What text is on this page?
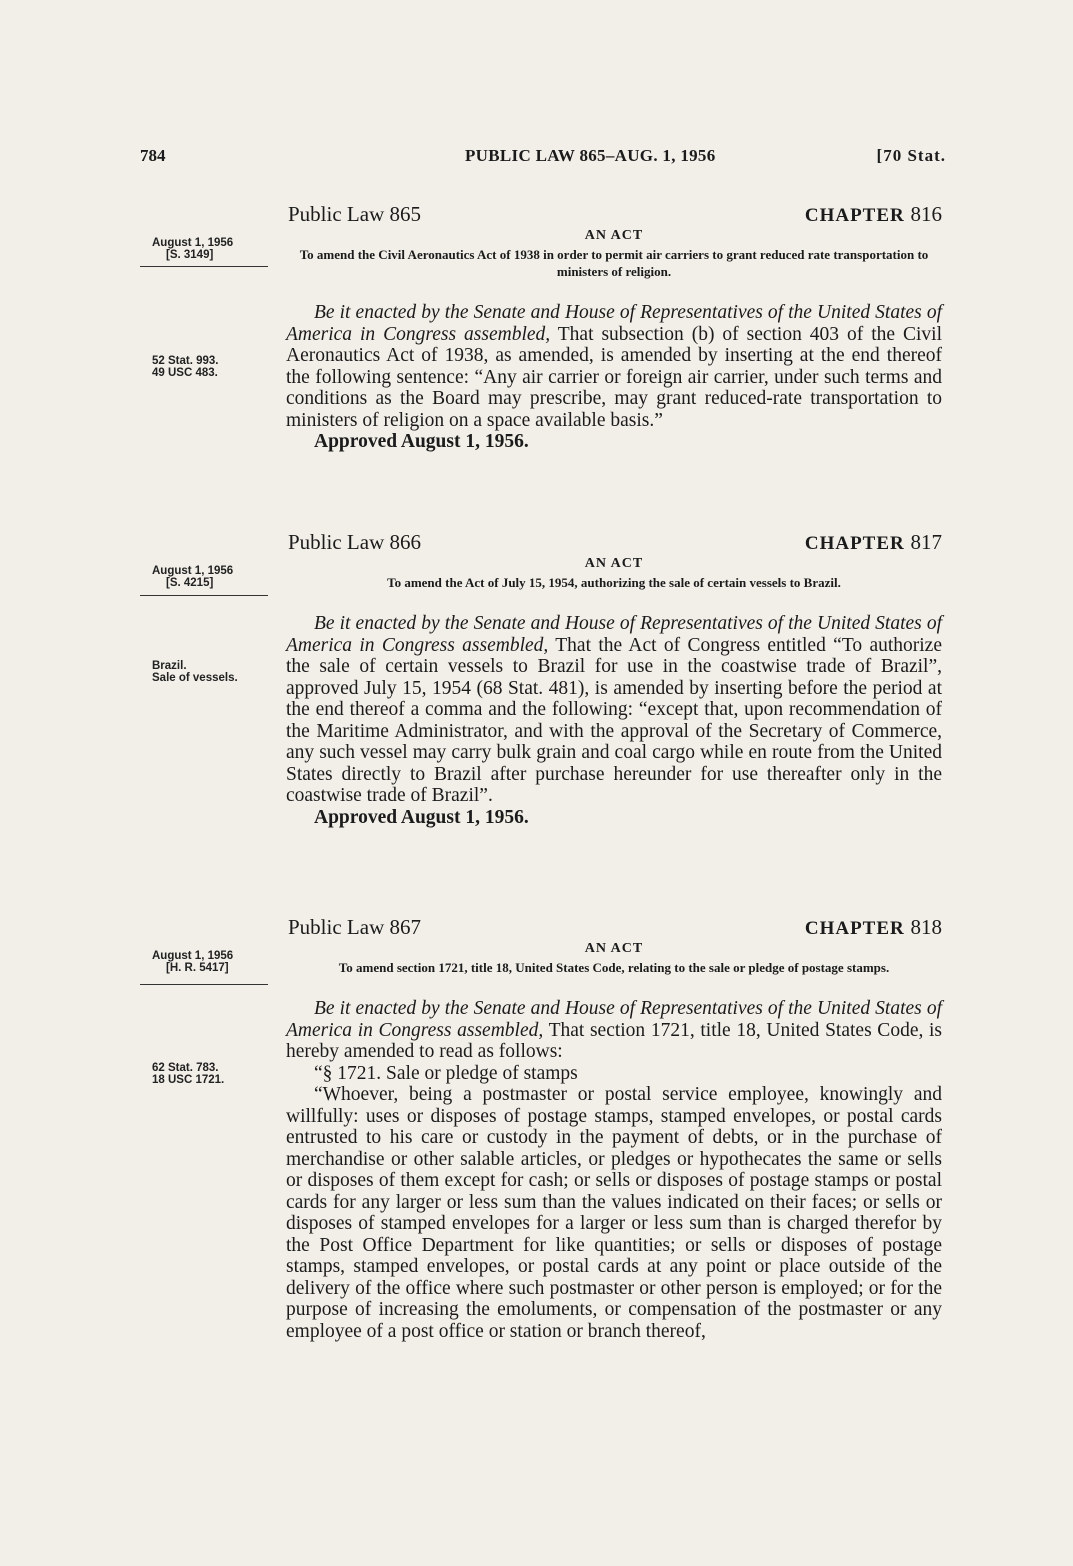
784	PUBLIC LAW 865–AUG. 1, 1956	[70 Stat.
August 1, 1956
[S. 3149]
52 Stat. 993.
49 USC 483.
Public Law 865	CHAPTER 816
AN ACT
To amend the Civil Aeronautics Act of 1938 in order to permit air carriers to grant reduced rate transportation to ministers of religion.

Be it enacted by the Senate and House of Representatives of the United States of America in Congress assembled, That subsection (b) of section 403 of the Civil Aeronautics Act of 1938, as amended, is amended by inserting at the end thereof the following sentence: “Any air carrier or foreign air carrier, under such terms and conditions as the Board may prescribe, may grant reduced-rate transportation to ministers of religion on a space available basis.”

Approved August 1, 1956.
August 1, 1956
[S. 4215]
Brazil.
Sale of vessels.
Public Law 866	CHAPTER 817
AN ACT
To amend the Act of July 15, 1954, authorizing the sale of certain vessels to Brazil.

Be it enacted by the Senate and House of Representatives of the United States of America in Congress assembled, That the Act of Congress entitled “To authorize the sale of certain vessels to Brazil for use in the coastwise trade of Brazil”, approved July 15, 1954 (68 Stat. 481), is amended by inserting before the period at the end thereof a comma and the following: “except that, upon recommendation of the Maritime Administrator, and with the approval of the Secretary of Commerce, any such vessel may carry bulk grain and coal cargo while en route from the United States directly to Brazil after purchase hereunder for use thereafter only in the coastwise trade of Brazil”.

Approved August 1, 1956.
August 1, 1956
[H. R. 5417]
62 Stat. 783.
18 USC 1721.
Public Law 867	CHAPTER 818
AN ACT
To amend section 1721, title 18, United States Code, relating to the sale or pledge of postage stamps.

Be it enacted by the Senate and House of Representatives of the United States of America in Congress assembled, That section 1721, title 18, United States Code, is hereby amended to read as follows:

“§ 1721. Sale or pledge of stamps

“Whoever, being a postmaster or postal service employee, knowingly and willfully: uses or disposes of postage stamps, stamped envelopes, or postal cards entrusted to his care or custody in the payment of debts, or in the purchase of merchandise or other salable articles, or pledges or hypothecates the same or sells or disposes of them except for cash; or sells or disposes of postage stamps or postal cards for any larger or less sum than the values indicated on their faces; or sells or disposes of stamped envelopes for a larger or less sum than is charged therefor by the Post Office Department for like quantities; or sells or disposes of postage stamps, stamped envelopes, or postal cards at any point or place outside of the delivery of the office where such postmaster or other person is employed; or for the purpose of increasing the emoluments, or compensation of the postmaster or any employee of a post office or station or branch thereof,
